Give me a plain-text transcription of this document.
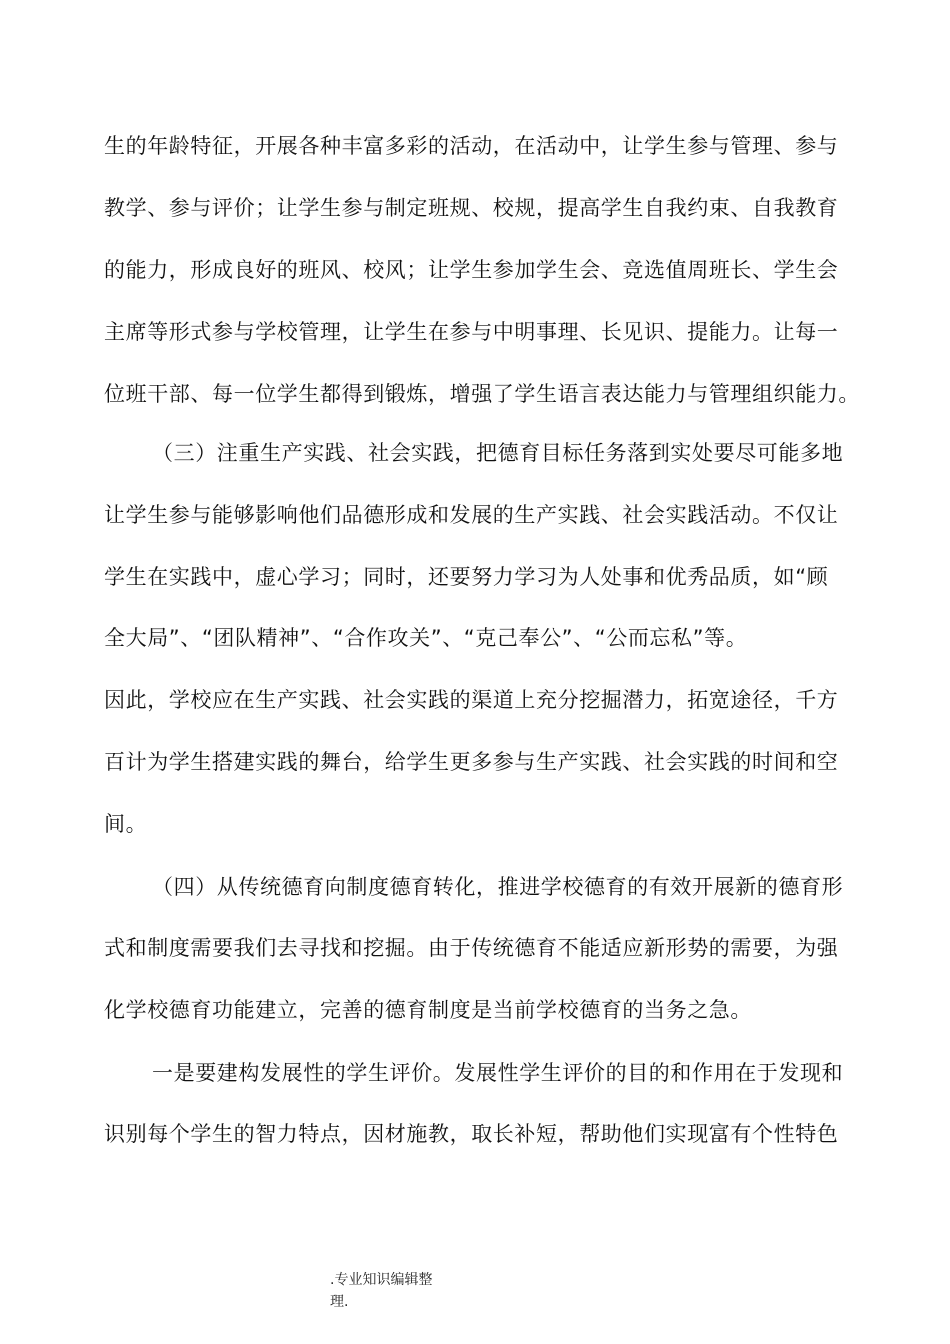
生的年龄特征，开展各种丰富多彩的活动，在活动中，让学生参与管理、参与
教学、参与评价；让学生参与制定班规、校规，提高学生自我约束、自我教育
的能力，形成良好的班风、校风；让学生参加学生会、竞选值周班长、学生会
主席等形式参与学校管理，让学生在参与中明事理、长见识、提能力。让每一
位班干部、每一位学生都得到锻炼，增强了学生语言表达能力与管理组织能力。
（三）注重生产实践、社会实践，把德育目标任务落到实处要尽可能多地
让学生参与能够影响他们品德形成和发展的生产实践、社会实践活动。不仅让
学生在实践中，虚心学习；同时，还要努力学习为人处事和优秀品质，如“顾
全大局”、“团队精神”、“合作攻关”、“克己奉公”、“公而忘私”等。
因此，学校应在生产实践、社会实践的渠道上充分挖掘潜力，拓宽途径，千方
百计为学生搭建实践的舞台，给学生更多参与生产实践、社会实践的时间和空
间。
（四）从传统德育向制度德育转化，推进学校德育的有效开展新的德育形
式和制度需要我们去寻找和挖掘。由于传统德育不能适应新形势的需要，为强
化学校德育功能建立，完善的德育制度是当前学校德育的当务之急。
一是要建构发展性的学生评价。发展性学生评价的目的和作用在于发现和
识别每个学生的智力特点，因材施教，取长补短，帮助他们实现富有个性特色
.专业知识编辑整
理.
